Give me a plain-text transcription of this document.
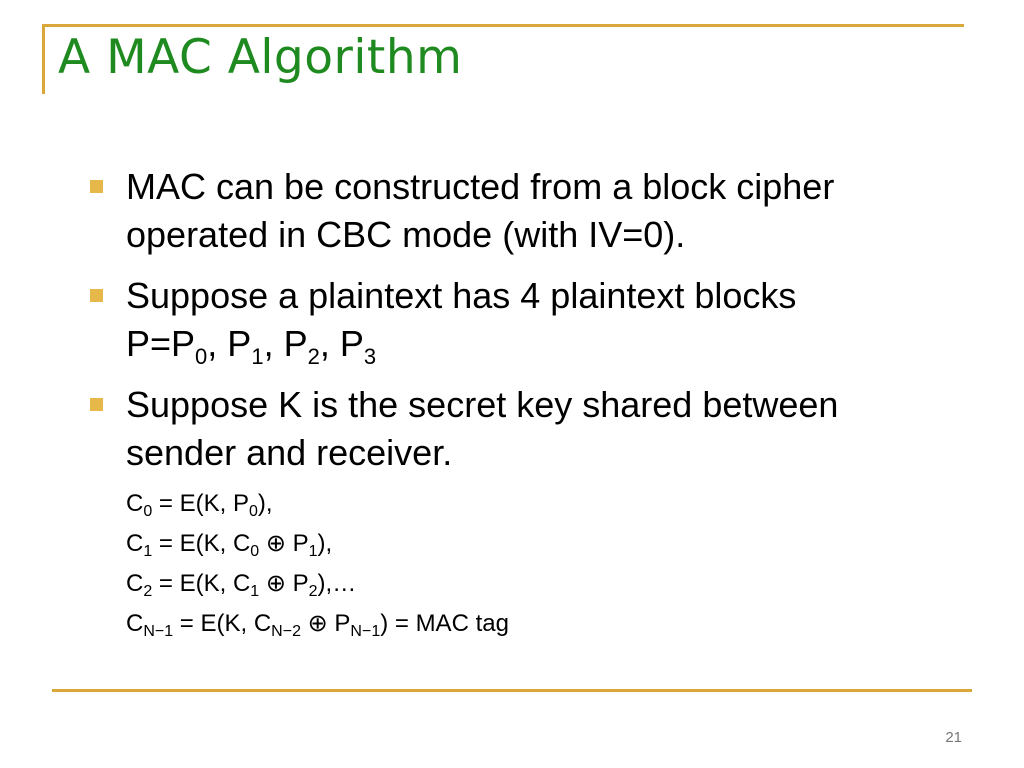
A MAC Algorithm
MAC can be constructed from a block cipher
operated in CBC mode (with IV=0).
Suppose a plaintext has 4 plaintext blocks
$P=P_0$, $P_1$, $P_2$, $P_3$
Suppose K is the secret key shared between
sender and receiver.
$C_0 = E(K$, $P_0$),
$C_1 = E(K$, $C_0$ ⊕ $P_1$),
$C_2 = E(K$, $C_1$ ⊕ $P_2),\dots$
$C_{N-1} = E(K$, $C_{N-2}$ ⊕ $P_{N-1}$) = MAC tag
21
